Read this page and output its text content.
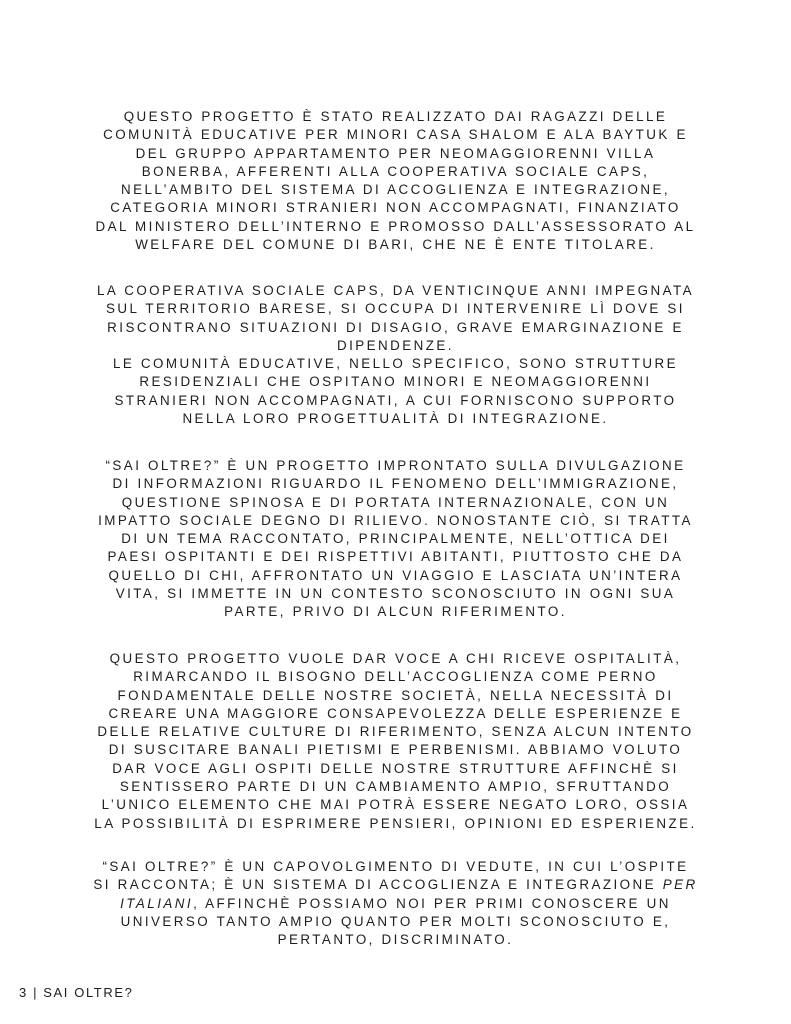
QUESTO PROGETTO È STATO REALIZZATO DAI RAGAZZI DELLE
COMUNITÀ EDUCATIVE PER MINORI CASA SHALOM E ALA BAYTUK E
DEL GRUPPO APPARTAMENTO PER NEOMAGGIORENNI VILLA
BONERBA, AFFERENTI ALLA COOPERATIVA SOCIALE CAPS,
NELL’AMBITO DEL SISTEMA DI ACCOGLIENZA E INTEGRAZIONE,
CATEGORIA MINORI STRANIERI NON ACCOMPAGNATI, FINANZIATO
DAL MINISTERO DELL’INTERNO E PROMOSSO DALL’ASSESSORATO AL
WELFARE DEL COMUNE DI BARI, CHE NE È ENTE TITOLARE.

LA COOPERATIVA SOCIALE CAPS, DA VENTICINQUE ANNI IMPEGNATA
SUL TERRITORIO BARESE, SI OCCUPA DI INTERVENIRE LÌ DOVE SI
RISCONTRANO SITUAZIONI DI DISAGIO, GRAVE EMARGINAZIONE E
DIPENDENZE.
LE COMUNITÀ EDUCATIVE, NELLO SPECIFICO, SONO STRUTTURE
RESIDENZIALI CHE OSPITANO MINORI E NEOMAGGIORENNI
STRANIERI NON ACCOMPAGNATI, A CUI FORNISCONO SUPPORTO
NELLA LORO PROGETTUALITÀ DI INTEGRAZIONE.

“SAI OLTRE?” È UN PROGETTO IMPRONTATO SULLA DIVULGAZIONE
DI INFORMAZIONI RIGUARDO IL FENOMENO DELL’IMMIGRAZIONE,
QUESTIONE SPINOSA E DI PORTATA INTERNAZIONALE, CON UN
IMPATTO SOCIALE DEGNO DI RILIEVO. NONOSTANTE CIÒ, SI TRATTA
DI UN TEMA RACCONTATO, PRINCIPALMENTE, NELL’OTTICA DEI
PAESI OSPITANTI E DEI RISPETTIVI ABITANTI, PIUTTOSTO CHE DA
QUELLO DI CHI, AFFRONTATO UN VIAGGIO E LASCIATA UN’INTERA
VITA, SI IMMETTE IN UN CONTESTO SCONOSCIUTO IN OGNI SUA
PARTE, PRIVO DI ALCUN RIFERIMENTO.

QUESTO PROGETTO VUOLE DAR VOCE A CHI RICEVE OSPITALITÀ,
RIMARCANDO IL BISOGNO DELL’ACCOGLIENZA COME PERNO
FONDAMENTALE DELLE NOSTRE SOCIETÀ, NELLA NECESSITÀ DI
CREARE UNA MAGGIORE CONSAPEVOLEZZA DELLE ESPERIENZE E
DELLE RELATIVE CULTURE DI RIFERIMENTO, SENZA ALCUN INTENTO
DI SUSCITARE BANALI PIETISMI E PERBENISMI. ABBIAMO VOLUTO
DAR VOCE AGLI OSPITI DELLE NOSTRE STRUTTURE AFFINCHÈ SI
SENTISSERO PARTE DI UN CAMBIAMENTO AMPIO, SFRUTTANDO
L’UNICO ELEMENTO CHE MAI POTRÀ ESSERE NEGATO LORO, OSSIA
LA POSSIBILITÀ DI ESPRIMERE PENSIERI, OPINIONI ED ESPERIENZE.

“SAI OLTRE?” È UN CAPOVOLGIMENTO DI VEDUTE, IN CUI L’OSPITE
SI RACCONTA; È UN SISTEMA DI ACCOGLIENZA E INTEGRAZIONE PER
ITALIANI, AFFINCHÈ POSSIAMO NOI PER PRIMI CONOSCERE UN
UNIVERSO TANTO AMPIO QUANTO PER MOLTI SCONOSCIUTO E,
PERTANTO, DISCRIMINATO.

3 | SAI OLTRE?
